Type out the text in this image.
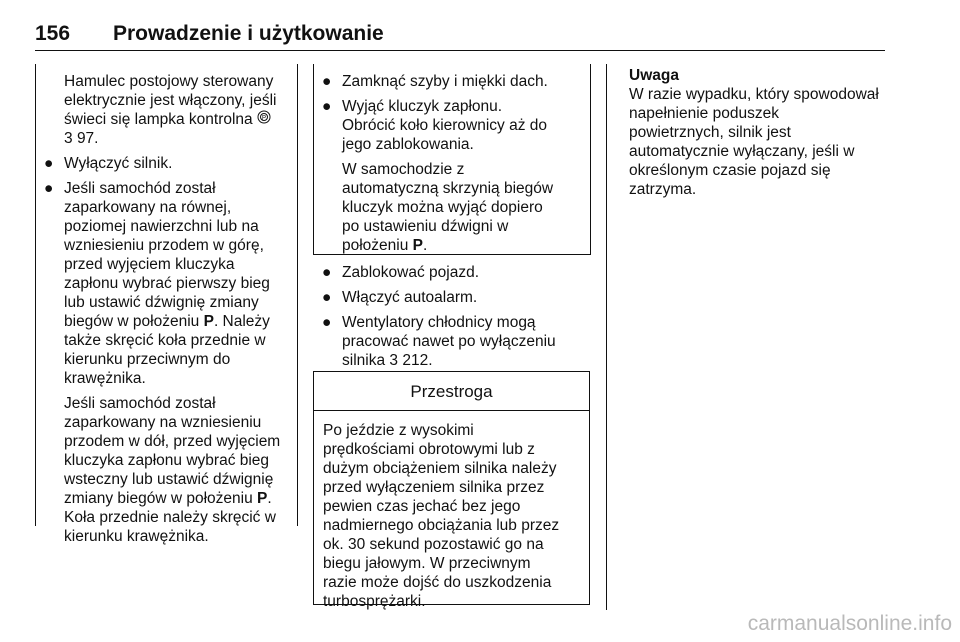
156 Prowadzenie i użytkowanie
Hamulec postojowy sterowany
elektrycznie jest włączony, jeśli
świeci się lampka kontrolna P

3 97.
● Wyłączyć silnik.
● Jeśli samochód został
zaparkowany na równej,
poziomej nawierzchni lub na
wzniesieniu przodem w górę,
przed wyjęciem kluczyka
zapłonu wybrać pierwszy bieg
lub ustawić dźwignię zmiany
biegów w położeniu P. Należy
także skręcić koła przednie w
kierunku przeciwnym do
krawężnika.
Jeśli samochód został
zaparkowany na wzniesieniu
przodem w dół, przed wyjęciem
kluczyka zapłonu wybrać bieg
wsteczny lub ustawić dźwignię
zmiany biegów w położeniu P.
Koła przednie należy skręcić w
kierunku krawężnika.
● Zamknąć szyby i miękki dach.
● Wyjąć kluczyk zapłonu.
Obrócić koło kierownicy aż do
jego zablokowania.
W samochodzie z
automatyczną skrzynią biegów
kluczyk można wyjąć dopiero
po ustawieniu dźwigni w
położeniu P.
● Zablokować pojazd.
● Włączyć autoalarm.
● Wentylatory chłodnicy mogą
pracować nawet po wyłączeniu
silnika 3 212.
Przestroga
Po jeździe z wysokimi
prędkościami obrotowymi lub z
dużym obciążeniem silnika należy
przed wyłączeniem silnika przez
pewien czas jechać bez jego
nadmiernego obciążania lub przez
ok. 30 sekund pozostawić go na
biegu jałowym. W przeciwnym
razie może dojść do uszkodzenia
turbosprężarki.
Uwaga
W razie wypadku, który spowodował
napełnienie poduszek
powietrznych, silnik jest
automatycznie wyłączany, jeśli w
określonym czasie pojazd się
zatrzyma.
carmanualsonline.info
